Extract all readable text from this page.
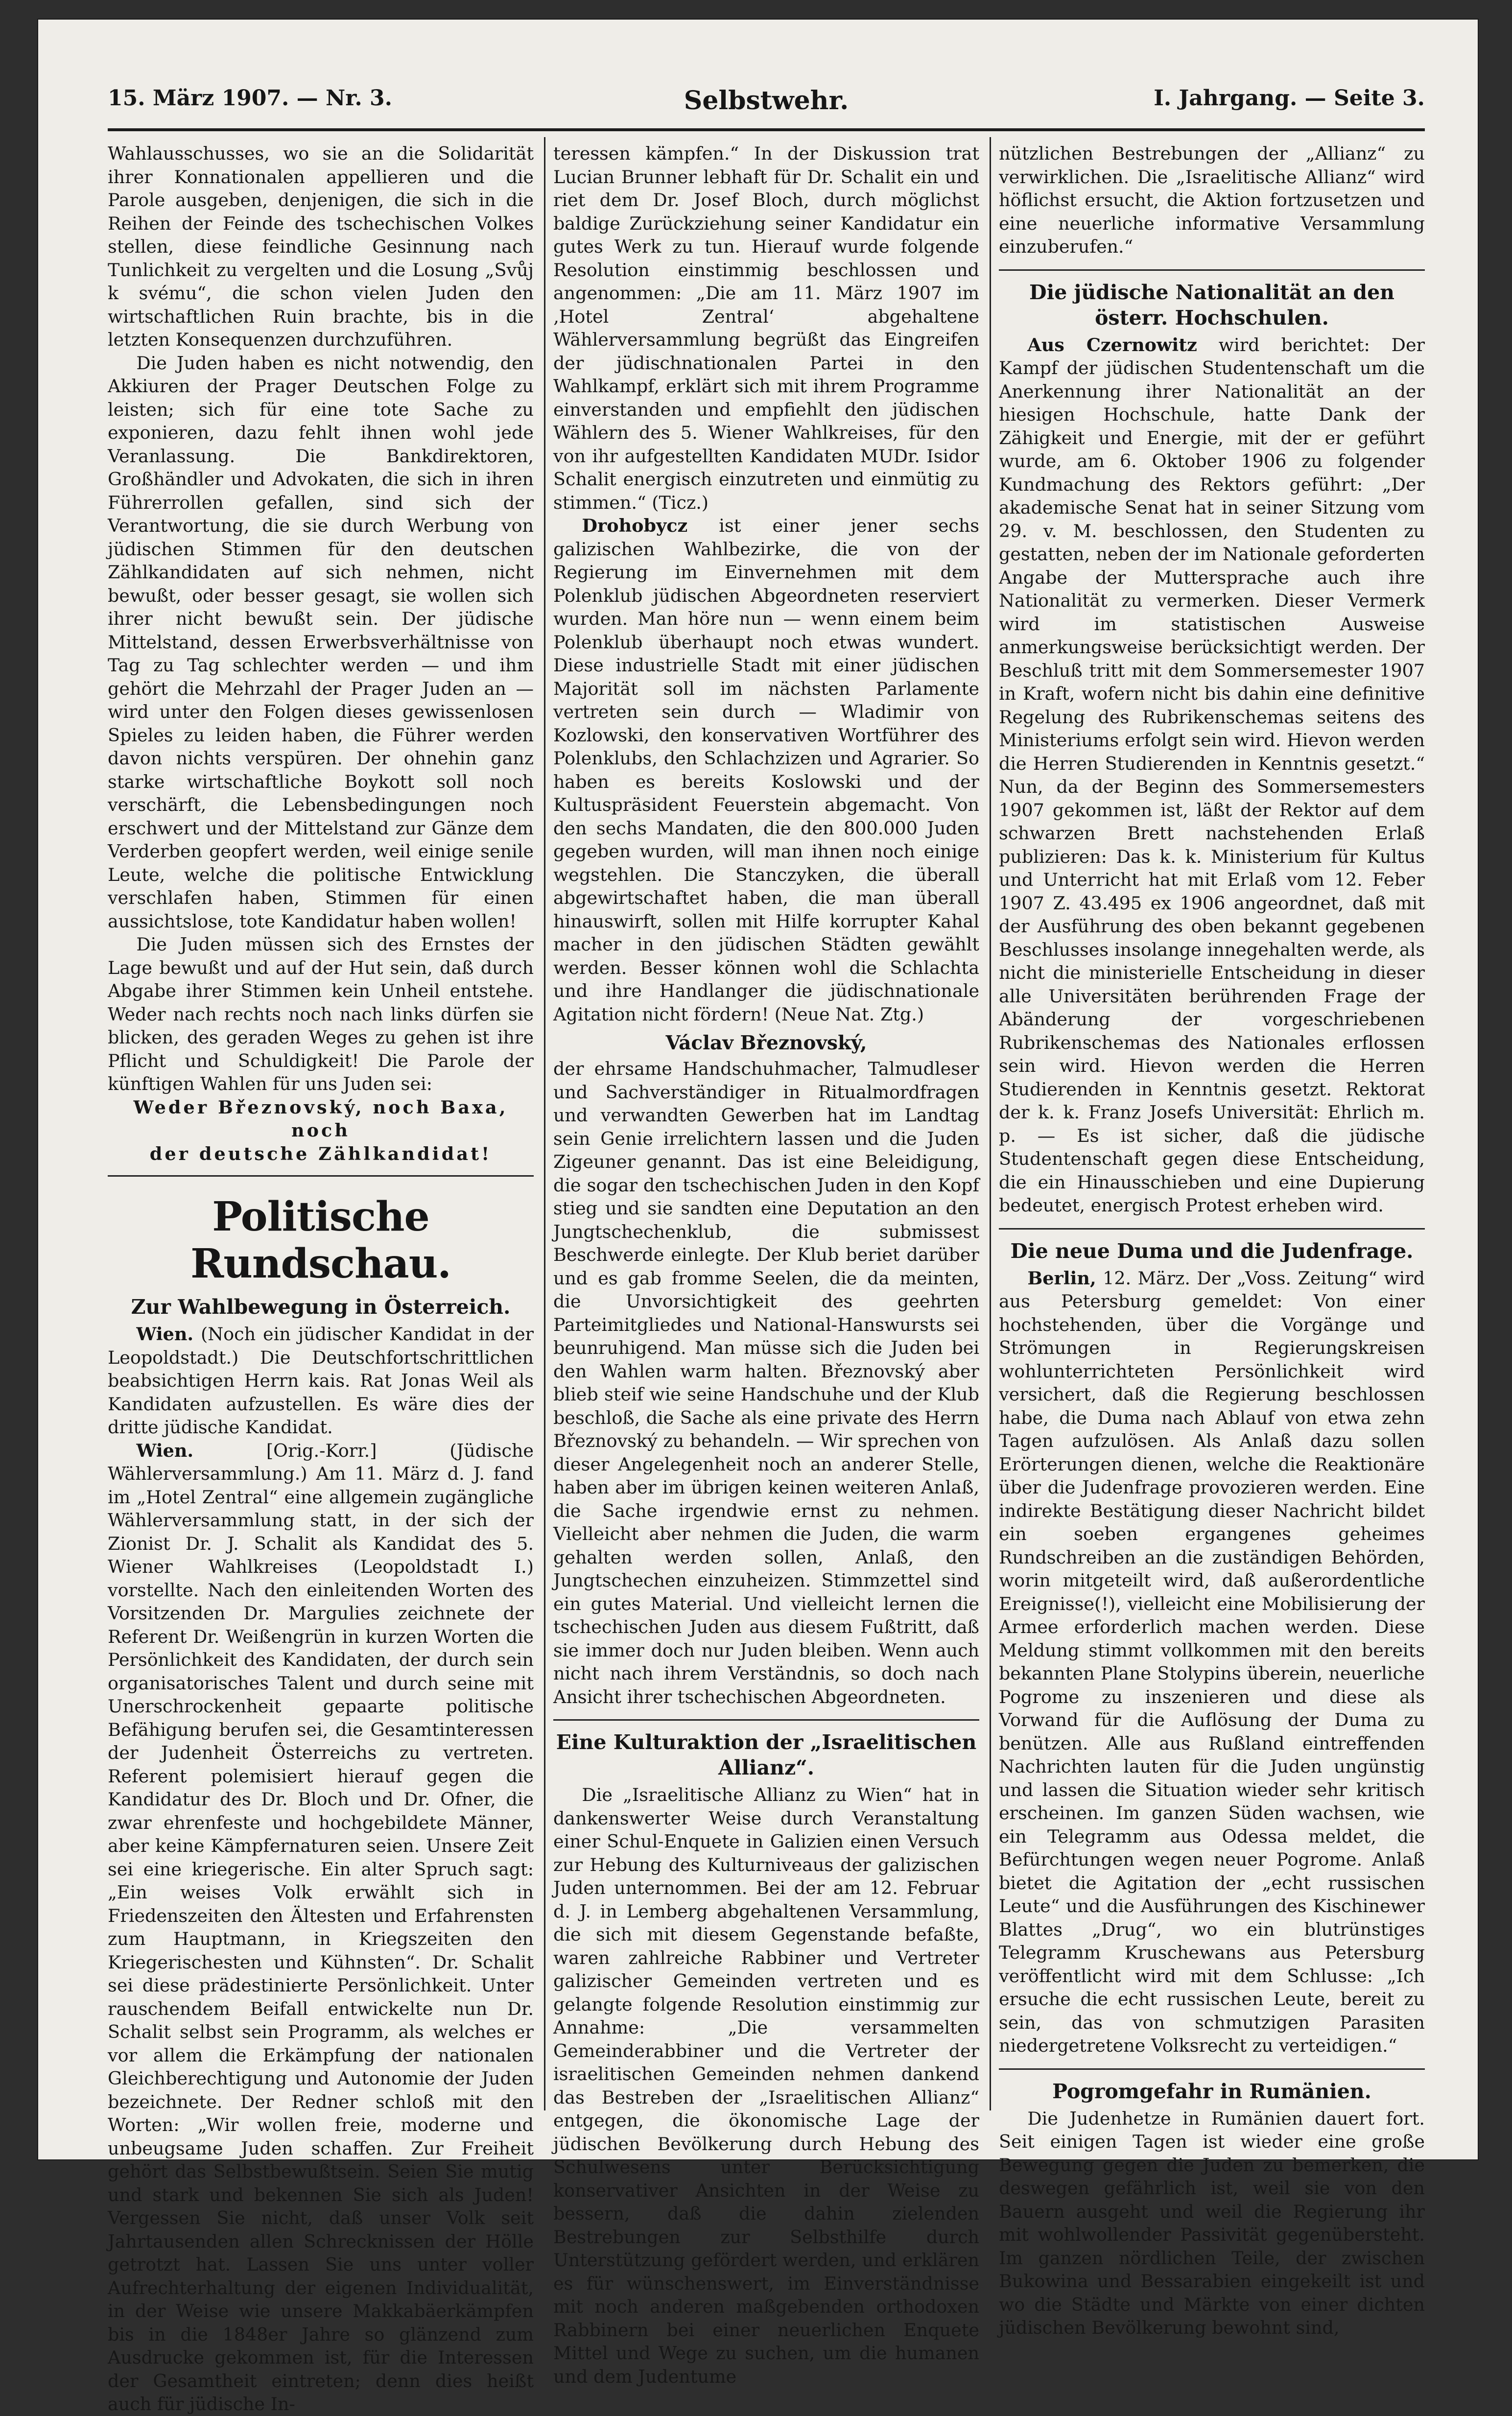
15. März 1907. — Nr. 3.	Selbstwehr.	I. Jahrgang. — Seite 3.

Wahlausschusses, wo sie an die Solidarität ihrer Konnationalen appellieren und die Parole ausgeben, denjenigen, die sich in die Reihen der Feinde des tschechischen Volkes stellen, diese feindliche Gesinnung nach Tunlichkeit zu vergelten und die Losung „Svůj k svému“, die schon vielen Juden den wirtschaftlichen Ruin brachte, bis in die letzten Konsequenzen durchzuführen.

Die Juden haben es nicht notwendig, den Akkiuren der Prager Deutschen Folge zu leisten; sich für eine tote Sache zu exponieren, dazu fehlt ihnen wohl jede Veranlassung. Die Bankdirektoren, Großhändler und Advokaten, die sich in ihren Führerrollen gefallen, sind sich der Verantwortung, die sie durch Werbung von jüdischen Stimmen für den deutschen Zählkandidaten auf sich nehmen, nicht bewußt, oder besser gesagt, sie wollen sich ihrer nicht bewußt sein. Der jüdische Mittelstand, dessen Erwerbsverhältnisse von Tag zu Tag schlechter werden — und ihm gehört die Mehrzahl der Prager Juden an — wird unter den Folgen dieses gewissenlosen Spieles zu leiden haben, die Führer werden davon nichts verspüren. Der ohnehin ganz starke wirtschaftliche Boykott soll noch verschärft, die Lebensbedingungen noch erschwert und der Mittelstand zur Gänze dem Verderben geopfert werden, weil einige senile Leute, welche die politische Entwicklung verschlafen haben, Stimmen für einen aussichtslose, tote Kandidatur haben wollen!

Die Juden müssen sich des Ernstes der Lage bewußt und auf der Hut sein, daß durch Abgabe ihrer Stimmen kein Unheil entstehe. Weder nach rechts noch nach links dürfen sie blicken, des geraden Weges zu gehen ist ihre Pflicht und Schuldigkeit! Die Parole der künftigen Wahlen für uns Juden sei:

Weder Březnovský, noch Baxa, noch

der deutsche Zählkandidat!

Politische Rundschau.
Zur Wahlbewegung in Österreich.

Wien. (Noch ein jüdischer Kandidat in der Leopoldstadt.) Die Deutschfortschrittlichen beabsichtigen Herrn kais. Rat Jonas Weil als Kandidaten aufzustellen. Es wäre dies der dritte jüdische Kandidat.

Wien. [Orig.-Korr.] (Jüdische Wählerversammlung.) Am 11. März d. J. fand im „Hotel Zentral“ eine allgemein zugängliche Wählerversammlung statt, in der sich der Zionist Dr. J. Schalit als Kandidat des 5. Wiener Wahlkreises (Leopoldstadt I.) vorstellte. Nach den einleitenden Worten des Vorsitzenden Dr. Margulies zeichnete der Referent Dr. Weißengrün in kurzen Worten die Persönlichkeit des Kandidaten, der durch sein organisatorisches Talent und durch seine mit Unerschrockenheit gepaarte politische Befähigung berufen sei, die Gesamtinteressen der Judenheit Österreichs zu vertreten. Referent polemisiert hierauf gegen die Kandidatur des Dr. Bloch und Dr. Ofner, die zwar ehrenfeste und hochgebildete Männer, aber keine Kämpfernaturen seien. Unsere Zeit sei eine kriegerische. Ein alter Spruch sagt: „Ein weises Volk erwählt sich in Friedenszeiten den Ältesten und Erfahrensten zum Hauptmann, in Kriegszeiten den Kriegerischesten und Kühnsten“. Dr. Schalit sei diese prädestinierte Persönlichkeit. Unter rauschendem Beifall entwickelte nun Dr. Schalit selbst sein Programm, als welches er vor allem die Erkämpfung der nationalen Gleichberechtigung und Autonomie der Juden bezeichnete. Der Redner schloß mit den Worten: „Wir wollen freie, moderne und unbeugsame Juden schaffen. Zur Freiheit gehört das Selbstbewußtsein. Seien Sie mutig und stark und bekennen Sie sich als Juden! Vergessen Sie nicht, daß unser Volk seit Jahrtausenden allen Schrecknissen der Hölle getrotzt hat. Lassen Sie uns unter voller Aufrechterhaltung der eigenen Individualität, in der Weise wie unsere Makkabäerkämpfen bis in die 1848er Jahre so glänzend zum Ausdrucke gekommen ist, für die Interessen der Gesamtheit eintreten; denn dies heißt auch für jüdische In-

teressen kämpfen.“ In der Diskussion trat Lucian Brunner lebhaft für Dr. Schalit ein und riet dem Dr. Josef Bloch, durch möglichst baldige Zurückziehung seiner Kandidatur ein gutes Werk zu tun. Hierauf wurde folgende Resolution einstimmig beschlossen und angenommen: „Die am 11. März 1907 im ‚Hotel Zentral‘ abgehaltene Wählerversammlung begrüßt das Eingreifen der jüdischnationalen Partei in den Wahlkampf, erklärt sich mit ihrem Programme einverstanden und empfiehlt den jüdischen Wählern des 5. Wiener Wahlkreises, für den von ihr aufgestellten Kandidaten MUDr. Isidor Schalit energisch einzutreten und einmütig zu stimmen.“ (Ticz.)

Drohobycz ist einer jener sechs galizischen Wahlbezirke, die von der Regierung im Einvernehmen mit dem Polenklub jüdischen Abgeordneten reserviert wurden. Man höre nun — wenn einem beim Polenklub überhaupt noch etwas wundert. Diese industrielle Stadt mit einer jüdischen Majorität soll im nächsten Parlamente vertreten sein durch — Wladimir von Kozlowski, den konservativen Wortführer des Polenklubs, den Schlachzizen und Agrarier. So haben es bereits Koslowski und der Kultuspräsident Feuerstein abgemacht. Von den sechs Mandaten, die den 800.000 Juden gegeben wurden, will man ihnen noch einige wegstehlen. Die Stanczyken, die überall abgewirtschaftet haben, die man überall hinauswirft, sollen mit Hilfe korrupter Kahal macher in den jüdischen Städten gewählt werden. Besser können wohl die Schlachta und ihre Handlanger die jüdischnationale Agitation nicht fördern! (Neue Nat. Ztg.)

Václav Březnovský,

der ehrsame Handschuhmacher, Talmudleser und Sachverständiger in Ritualmordfragen und verwandten Gewerben hat im Landtag sein Genie irrelichtern lassen und die Juden Zigeuner genannt. Das ist eine Beleidigung, die sogar den tschechischen Juden in den Kopf stieg und sie sandten eine Deputation an den Jungtschechenklub, die submissest Beschwerde einlegte. Der Klub beriet darüber und es gab fromme Seelen, die da meinten, die Unvorsichtigkeit des geehrten Parteimitgliedes und National-Hanswursts sei beunruhigend. Man müsse sich die Juden bei den Wahlen warm halten. Březnovský aber blieb steif wie seine Handschuhe und der Klub beschloß, die Sache als eine private des Herrn Březnovský zu behandeln. — Wir sprechen von dieser Angelegenheit noch an anderer Stelle, haben aber im übrigen keinen weiteren Anlaß, die Sache irgendwie ernst zu nehmen. Vielleicht aber nehmen die Juden, die warm gehalten werden sollen, Anlaß, den Jungtschechen einzuheizen. Stimmzettel sind ein gutes Material. Und vielleicht lernen die tschechischen Juden aus diesem Fußtritt, daß sie immer doch nur Juden bleiben. Wenn auch nicht nach ihrem Verständnis, so doch nach Ansicht ihrer tschechischen Abgeordneten.

Eine Kulturaktion der „Israelitischen Allianz“.

Die „Israelitische Allianz zu Wien“ hat in dankenswerter Weise durch Veranstaltung einer Schul-Enquete in Galizien einen Versuch zur Hebung des Kulturniveaus der galizischen Juden unternommen. Bei der am 12. Februar d. J. in Lemberg abgehaltenen Versammlung, die sich mit diesem Gegenstande befaßte, waren zahlreiche Rabbiner und Vertreter galizischer Gemeinden vertreten und es gelangte folgende Resolution einstimmig zur Annahme: „Die versammelten Gemeinderabbiner und die Vertreter der israelitischen Gemeinden nehmen dankend das Bestreben der „Israelitischen Allianz“ entgegen, die ökonomische Lage der jüdischen Bevölkerung durch Hebung des Schulwesens unter Berücksichtigung konservativer Ansichten in der Weise zu bessern, daß die dahin zielenden Bestrebungen zur Selbsthilfe durch Unterstützung gefördert werden, und erklären es für wünschenswert, im Einverständnisse mit noch anderen maßgebenden orthodoxen Rabbinern bei einer neuerlichen Enquete Mittel und Wege zu suchen, um die humanen und dem Judentume

nützlichen Bestrebungen der „Allianz“ zu verwirklichen. Die „Israelitische Allianz“ wird höflichst ersucht, die Aktion fortzusetzen und eine neuerliche informative Versammlung einzuberufen.“

Die jüdische Nationalität an den österr. Hochschulen.

Aus Czernowitz wird berichtet: Der Kampf der jüdischen Studentenschaft um die Anerkennung ihrer Nationalität an der hiesigen Hochschule, hatte Dank der Zähigkeit und Energie, mit der er geführt wurde, am 6. Oktober 1906 zu folgender Kundmachung des Rektors geführt: „Der akademische Senat hat in seiner Sitzung vom 29. v. M. beschlossen, den Studenten zu gestatten, neben der im Nationale geforderten Angabe der Muttersprache auch ihre Nationalität zu vermerken. Dieser Vermerk wird im statistischen Ausweise anmerkungsweise berücksichtigt werden. Der Beschluß tritt mit dem Sommersemester 1907 in Kraft, wofern nicht bis dahin eine definitive Regelung des Rubrikenschemas seitens des Ministeriums erfolgt sein wird. Hievon werden die Herren Studierenden in Kenntnis gesetzt.“ Nun, da der Beginn des Sommersemesters 1907 gekommen ist, läßt der Rektor auf dem schwarzen Brett nachstehenden Erlaß publizieren: Das k. k. Ministerium für Kultus und Unterricht hat mit Erlaß vom 12. Feber 1907 Z. 43.495 ex 1906 angeordnet, daß mit der Ausführung des oben bekannt gegebenen Beschlusses insolange innegehalten werde, als nicht die ministerielle Entscheidung in dieser alle Universitäten berührenden Frage der Abänderung der vorgeschriebenen Rubrikenschemas des Nationales erflossen sein wird. Hievon werden die Herren Studierenden in Kenntnis gesetzt. Rektorat der k. k. Franz Josefs Universität: Ehrlich m. p. — Es ist sicher, daß die jüdische Studentenschaft gegen diese Entscheidung, die ein Hinausschieben und eine Dupierung bedeutet, energisch Protest erheben wird.

Die neue Duma und die Judenfrage.

Berlin, 12. März. Der „Voss. Zeitung“ wird aus Petersburg gemeldet: Von einer hochstehenden, über die Vorgänge und Strömungen in Regierungskreisen wohlunterrichteten Persönlichkeit wird versichert, daß die Regierung beschlossen habe, die Duma nach Ablauf von etwa zehn Tagen aufzulösen. Als Anlaß dazu sollen Erörterungen dienen, welche die Reaktionäre über die Judenfrage provozieren werden. Eine indirekte Bestätigung dieser Nachricht bildet ein soeben ergangenes geheimes Rundschreiben an die zuständigen Behörden, worin mitgeteilt wird, daß außerordentliche Ereignisse(!), vielleicht eine Mobilisierung der Armee erforderlich machen werden. Diese Meldung stimmt vollkommen mit den bereits bekannten Plane Stolypins überein, neuerliche Pogrome zu inszenieren und diese als Vorwand für die Auflösung der Duma zu benützen. Alle aus Rußland eintreffenden Nachrichten lauten für die Juden ungünstig und lassen die Situation wieder sehr kritisch erscheinen. Im ganzen Süden wachsen, wie ein Telegramm aus Odessa meldet, die Befürchtungen wegen neuer Pogrome. Anlaß bietet die Agitation der „echt russischen Leute“ und die Ausführungen des Kischinewer Blattes „Drug“, wo ein blutrünstiges Telegramm Kruschewans aus Petersburg veröffentlicht wird mit dem Schlusse: „Ich ersuche die echt russischen Leute, bereit zu sein, das von schmutzigen Parasiten niedergetretene Volksrecht zu verteidigen.“

Pogromgefahr in Rumänien.

Die Judenhetze in Rumänien dauert fort. Seit einigen Tagen ist wieder eine große Bewegung gegen die Juden zu bemerken, die deswegen gefährlich ist, weil sie von den Bauern ausgeht und weil die Regierung ihr mit wohlwollender Passivität gegenübersteht. Im ganzen nördlichen Teile, der zwischen Bukowina und Bessarabien eingekeilt ist und wo die Städte und Märkte von einer dichten jüdischen Bevölkerung bewohnt sind,
